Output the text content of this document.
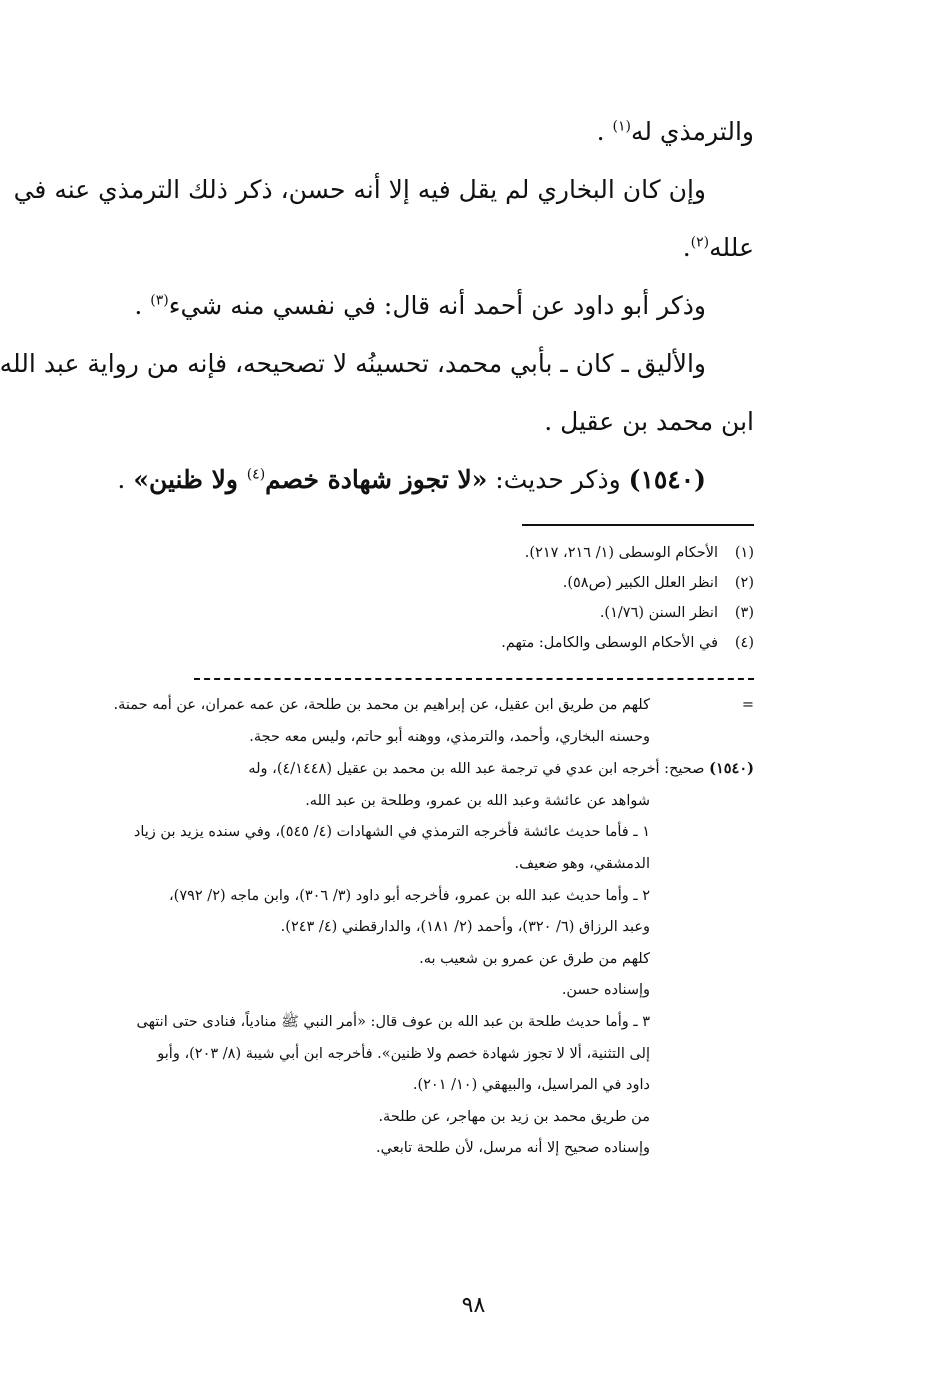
والترمذي له$^{(١)}$ .

وإن كان البخاري لم يقل فيه إلا أنه حسن، ذكر ذلك الترمذي عنه في

علله$^{(٢)}$.

وذكر أبو داود عن أحمد أنه قال: في نفسي منه شيء$^{(٣)}$ .

والأليق ـ كان ـ بأبي محمد، تحسينُه لا تصحيحه، فإنه من رواية عبد الله

ابن محمد بن عقيل .

(١٥٤٠) وذكر حديث: «لا تجوز شهادة خصم$^{(٤)}$ ولا ظنين» .

(١)
الأحكام الوسطى (١/ ٢١٦، ٢١٧).
(٢)
انظر العلل الكبير (ص٥٨).
(٣)
انظر السنن (١/٧٦).
(٤)
في الأحكام الوسطى والكامل: متهم.
=

كلهم من طريق ابن عقيل، عن إبراهيم بن محمد بن طلحة، عن عمه عمران، عن أمه حمنة.

وحسنه البخاري، وأحمد، والترمذي، ووهنه أبو حاتم، وليس معه حجة.

(١٥٤٠) صحيح: أخرجه ابن عدي في ترجمة عبد الله بن محمد بن عقيل (٤/١٤٤٨)، وله

شواهد عن عائشة وعبد الله بن عمرو، وطلحة بن عبد الله.

١ ـ فأما حديث عائشة فأخرجه الترمذي في الشهادات (٤/ ٥٤٥)، وفي سنده يزيد بن زياد

الدمشقي، وهو ضعيف.

٢ ـ وأما حديث عبد الله بن عمرو، فأخرجه أبو داود (٣/ ٣٠٦)، وابن ماجه (٢/ ٧٩٢)،

وعبد الرزاق (٦/ ٣٢٠)، وأحمد (٢/ ١٨١)، والدارقطني (٤/ ٢٤٣).

كلهم من طرق عن عمرو بن شعيب به.

وإسناده حسن.

٣ ـ وأما حديث طلحة بن عبد الله بن عوف قال: «أمر النبي ﷺ منادياً، فنادى حتى انتهى

إلى التثنية، ألا لا تجوز شهادة خصم ولا ظنين». فأخرجه ابن أبي شيبة (٨/ ٢٠٣)، وأبو

داود في المراسيل، والبيهقي (١٠/ ٢٠١).

من طريق محمد بن زيد بن مهاجر، عن طلحة.

وإسناده صحيح إلا أنه مرسل، لأن طلحة تابعي.

٩٨
